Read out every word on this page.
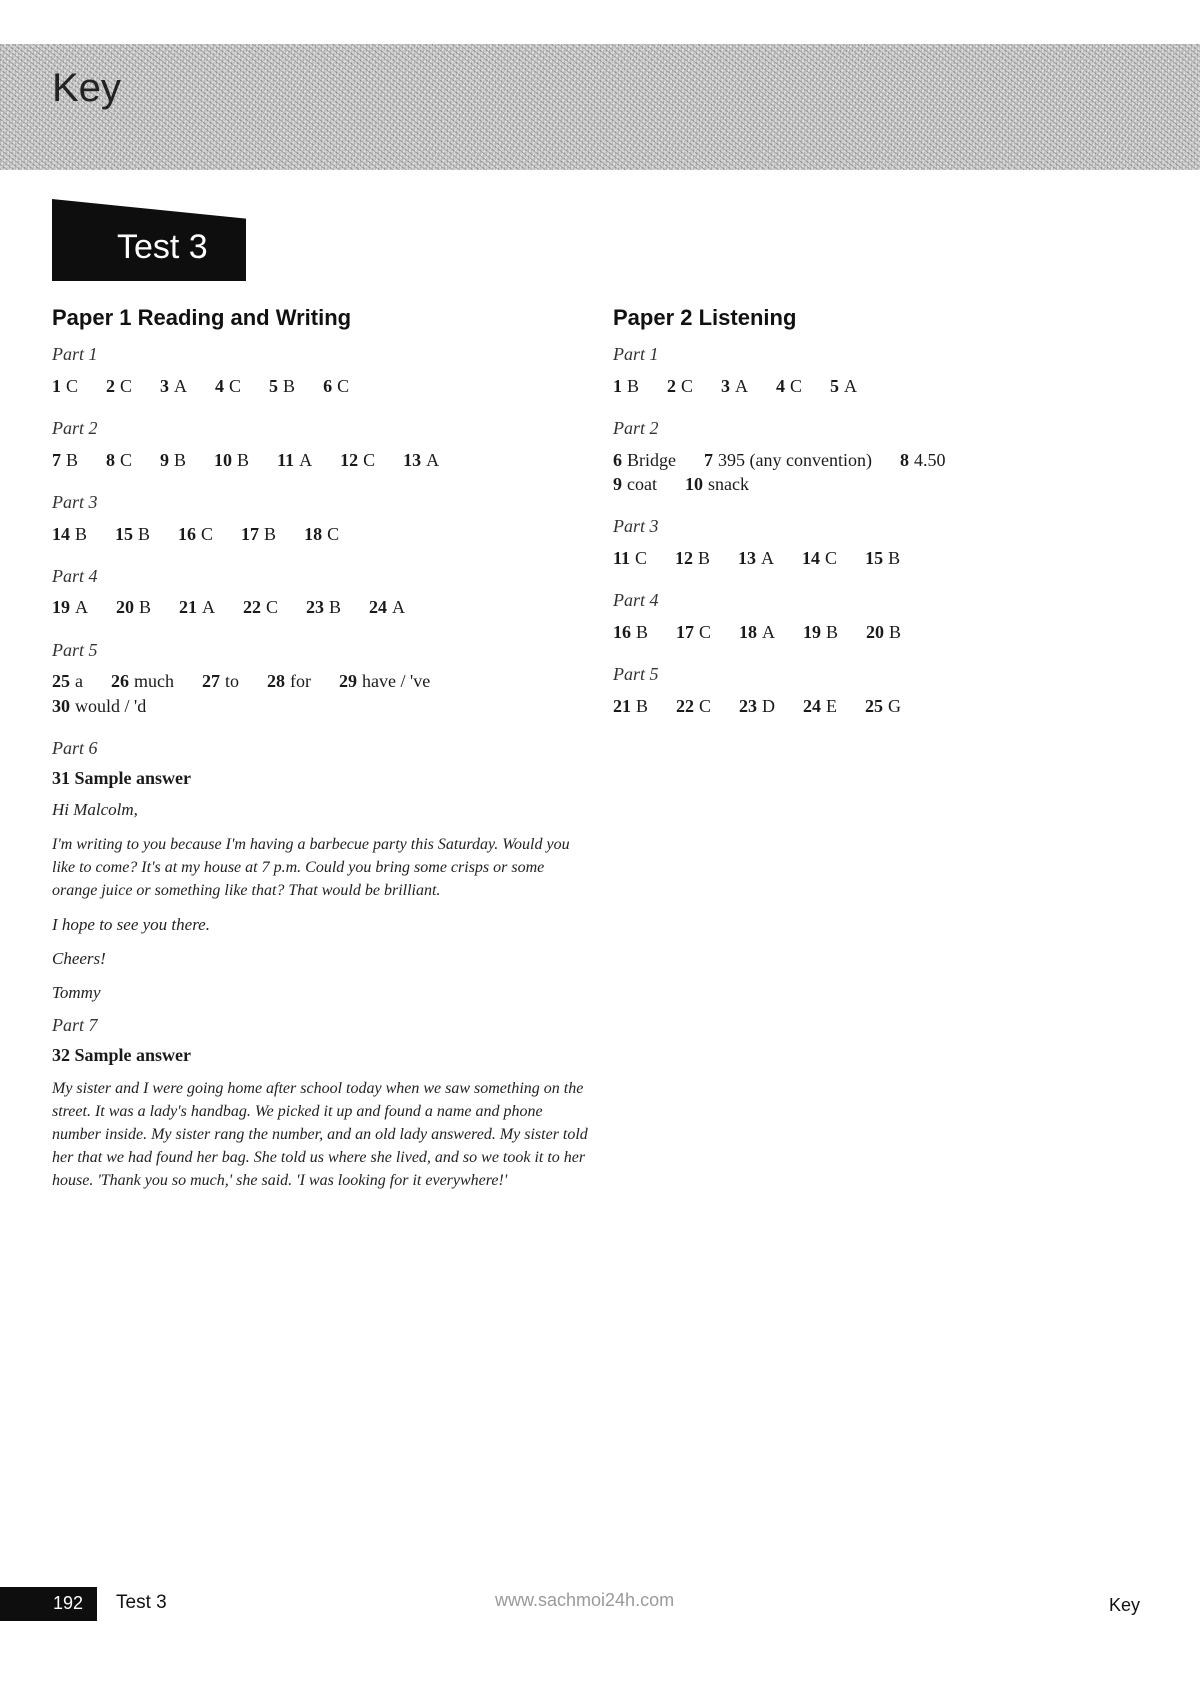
Key
Test 3
Paper 1 Reading and Writing
Part 1
1 C 2 C 3 A 4 C 5 B 6 C
Part 2
7 B 8 C 9 B 10 B 11 A 12 C 13 A
Part 3
14 B 15 B 16 C 17 B 18 C
Part 4
19 A 20 B 21 A 22 C 23 B 24 A
Part 5
25 a 26 much 27 to 28 for 29 have / 've
30 would / 'd
Part 6
31 Sample answer

Hi Malcolm,

I'm writing to you because I'm having a barbecue party this Saturday. Would you like to come? It's at my house at 7 p.m. Could you bring some crisps or some orange juice or something like that? That would be brilliant.

I hope to see you there.

Cheers!

Tommy

Part 7
32 Sample answer

My sister and I were going home after school today when we saw something on the street. It was a lady's handbag. We picked it up and found a name and phone number inside. My sister rang the number, and an old lady answered. My sister told her that we had found her bag. She told us where she lived, and so we took it to her house. 'Thank you so much,' she said. 'I was looking for it everywhere!'

Paper 2 Listening
Part 1
1 B 2 C 3 A 4 C 5 A
Part 2
6 Bridge 7 395 (any convention) 8 4.50
9 coat 10 snack
Part 3
11 C 12 B 13 A 14 C 15 B
Part 4
16 B 17 C 18 A 19 B 20 B
Part 5
21 B 22 C 23 D 24 E 25 G
192 Test 3	www.sachmoi24h.com	Key
